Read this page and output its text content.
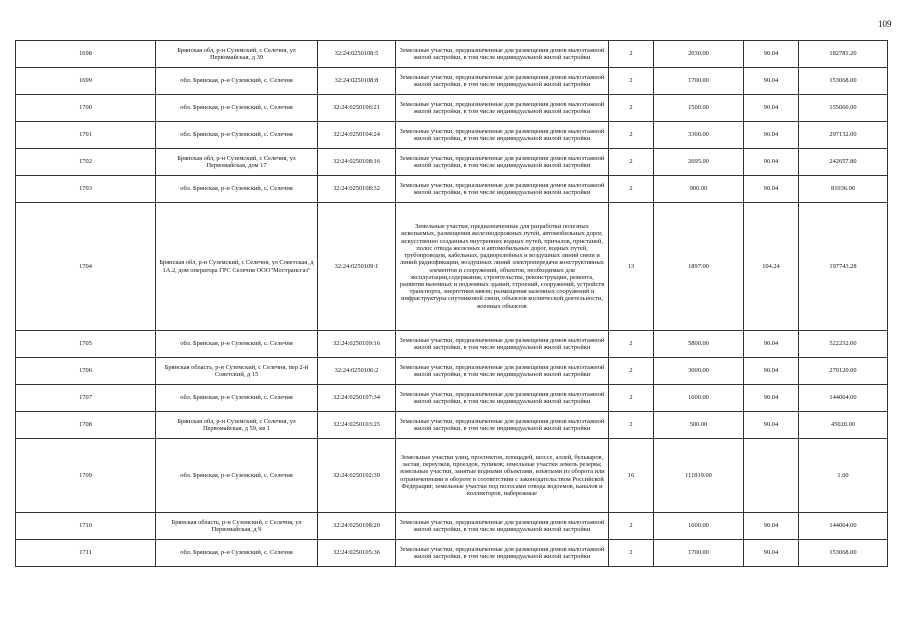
109
1698	Брянская обл, р-н Суземский, с Селечня, ул Первомайская, д 39	32:24:0250108:5	Земельные участки, предназначенные для размещения домов малоэтажной жилой застройки, в том числе индивидуальной жилой застройки	2	2030.00	90.04	182781.20
1699	обл. Брянская, р-н Суземский, с. Селечня	32:24:0250108:8	Земельные участки, предназначенные для размещения домов малоэтажной жилой застройки, в том числе индивидуальной жилой застройки	2	1700.00	90.04	153068.00
1700	обл. Брянская, р-н Суземский, с. Селечня	32:24:0250106:21	Земельные участки, предназначенные для размещения домов малоэтажной жилой застройки, в том числе индивидуальной жилой застройки	2	1500.00	90.04	135060.00
1701	обл. Брянская, р-н Суземский, с. Селечня	32:24:0250104:24	Земельные участки, предназначенные для размещения домов малоэтажной жилой застройки, в том числе индивидуальной жилой застройки	2	3300.00	90.04	297132.00
1702	Брянская обл, р-н Суземский, с Селечня, ул Первомайская, дом 17	32:24:0250108:16	Земельные участки, предназначенные для размещения домов малоэтажной жилой застройки, в том числе индивидуальной жилой застройки	2	2695.00	90.04	242657.80
1703	обл. Брянская, р-н Суземский, с. Селечня	32:24:0250108:32	Земельные участки, предназначенные для размещения домов малоэтажной жилой застройки, в том числе индивидуальной жилой застройки	2	900.00	90.04	81036.00
1704	Брянская обл, р-н Суземский, с Селечня, ул Советская, д 1А.2, дом оператора ГРС Селечня ООО"Мострансгаз"	32:24:0250109:1	Земельные участки, предназначенные для разработки полезных ископаемых, размещения железнодорожных путей, автомобильных дорог, искусственно созданных внутренних водных путей, причалов, пристаней, полос отвода железных и автомобильных дорог, водных путей, трубопроводов, кабельных, радиорелейных и воздушных линий связи и линий радиофикации, воздушных линий электропередачи конструктивных элементов и сооружений, объектов, необходимых для эксплуатации,содержания, строительства, реконструкции, ремонта, развития наземных и подземных зданий, строений, сооружений, устройств транспорта, энергетики ивязи; размещения наземных сооружений и инфраструктуры спутниковой связи, объектов космической деятельности, военных объектов	13	1897.00	104.24	197743.28
1705	обл. Брянская, р-н Суземский, с. Селечня	32:24:0250109:16	Земельные участки, предназначенные для размещения домов малоэтажной жилой застройки, в том числе индивидуальной жилой застройки	2	5800.00	90.04	522232.00
1706	Брянская область, р-н Суземский, с Селечня, пер 2-й Советский, д 15	32:24:0250106:2	Земельные участки, предназначенные для размещения домов малоэтажной жилой застройки, в том числе индивидуальной жилой застройки	2	3000.00	90.04	270120.00
1707	обл. Брянская, р-н Суземский, с. Селечня	32:24:0250107:34	Земельные участки, предназначенные для размещения домов малоэтажной жилой застройки, в том числе индивидуальной жилой застройки	2	1600.00	90.04	144064.00
1708	Брянская обл, р-н Суземский, с Селечня, ул Первомайская, д 59, кв 1	32:24:0250103:25	Земельные участки, предназначенные для размещения домов малоэтажной жилой застройки, в том числе индивидуальной жилой застройки	2	500.00	90.04	45020.00
1709	обл. Брянская, р-н Суземский, с. Селечня	32:24:0250102:39	Земельные участки улиц, проспектов, площадей, шоссе, аллей, бульваров, застав, переулков, проездов, тупиков; земельные участки земель резерва; земельные участки, занятые водными объектами, изъятыми из оборота или ограниченными в обороте в соответствии с законодательством Российской Федерации; земельные участки под полосами отвода водоемов, каналов и коллекторов, набережные	16	111819.00		1.00
1710	Брянская область, р-н Суземский, с Селечня, ул Первомайская, д 9	32:24:0250108:20	Земельные участки, предназначенные для размещения домов малоэтажной жилой застройки, в том числе индивидуальной жилой застройки	2	1600.00	90.04	144064.00
1711	обл. Брянская, р-н Суземский, с. Селечня	32:24:0250105:36	Земельные участки, предназначенные для размещения домов малоэтажной жилой застройки, в том числе индивидуальной жилой застройки	2	1700.00	90.04	153068.00
